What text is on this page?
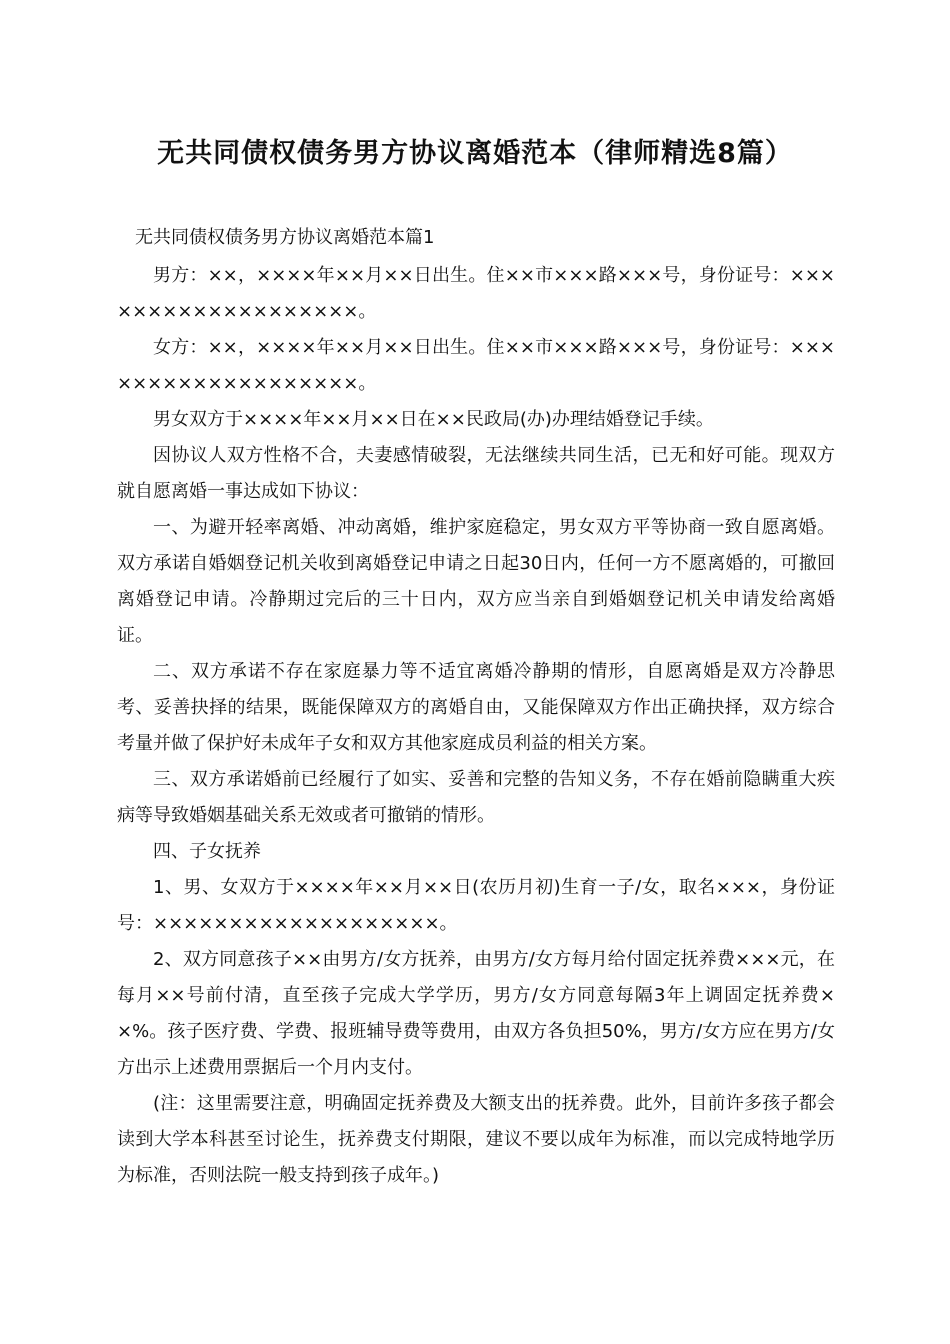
无共同债权债务男方协议离婚范本（律师精选8篇）
无共同债权债务男方协议离婚范本篇1

男方：××，××××年××月××日出生。住××市×××路×××号，身份证号：×××××××××××××××××××。

女方：××，××××年××月××日出生。住××市×××路×××号，身份证号：×××××××××××××××××××。

男女双方于××××年××月××日在××民政局(办)办理结婚登记手续。

因协议人双方性格不合，夫妻感情破裂，无法继续共同生活，已无和好可能。现双方就自愿离婚一事达成如下协议：

一、为避开轻率离婚、冲动离婚，维护家庭稳定，男女双方平等协商一致自愿离婚。双方承诺自婚姻登记机关收到离婚登记申请之日起30日内，任何一方不愿离婚的，可撤回离婚登记申请。冷静期过完后的三十日内，双方应当亲自到婚姻登记机关申请发给离婚证。

二、双方承诺不存在家庭暴力等不适宜离婚冷静期的情形，自愿离婚是双方冷静思考、妥善抉择的结果，既能保障双方的离婚自由，又能保障双方作出正确抉择，双方综合考量并做了保护好未成年子女和双方其他家庭成员利益的相关方案。

三、双方承诺婚前已经履行了如实、妥善和完整的告知义务，不存在婚前隐瞒重大疾病等导致婚姻基础关系无效或者可撤销的情形。

四、子女抚养

1、男、女双方于××××年××月××日(农历月初)生育一子/女，取名×××，身份证号：×××××××××××××××××××。

2、双方同意孩子××由男方/女方抚养，由男方/女方每月给付固定抚养费×××元，在每月××号前付清，直至孩子完成大学学历，男方/女方同意每隔3年上调固定抚养费××%。孩子医疗费、学费、报班辅导费等费用，由双方各负担50%，男方/女方应在男方/女方出示上述费用票据后一个月内支付。

(注：这里需要注意，明确固定抚养费及大额支出的抚养费。此外，目前许多孩子都会读到大学本科甚至讨论生，抚养费支付期限，建议不要以成年为标准，而以完成特地学历为标准，否则法院一般支持到孩子成年。)
